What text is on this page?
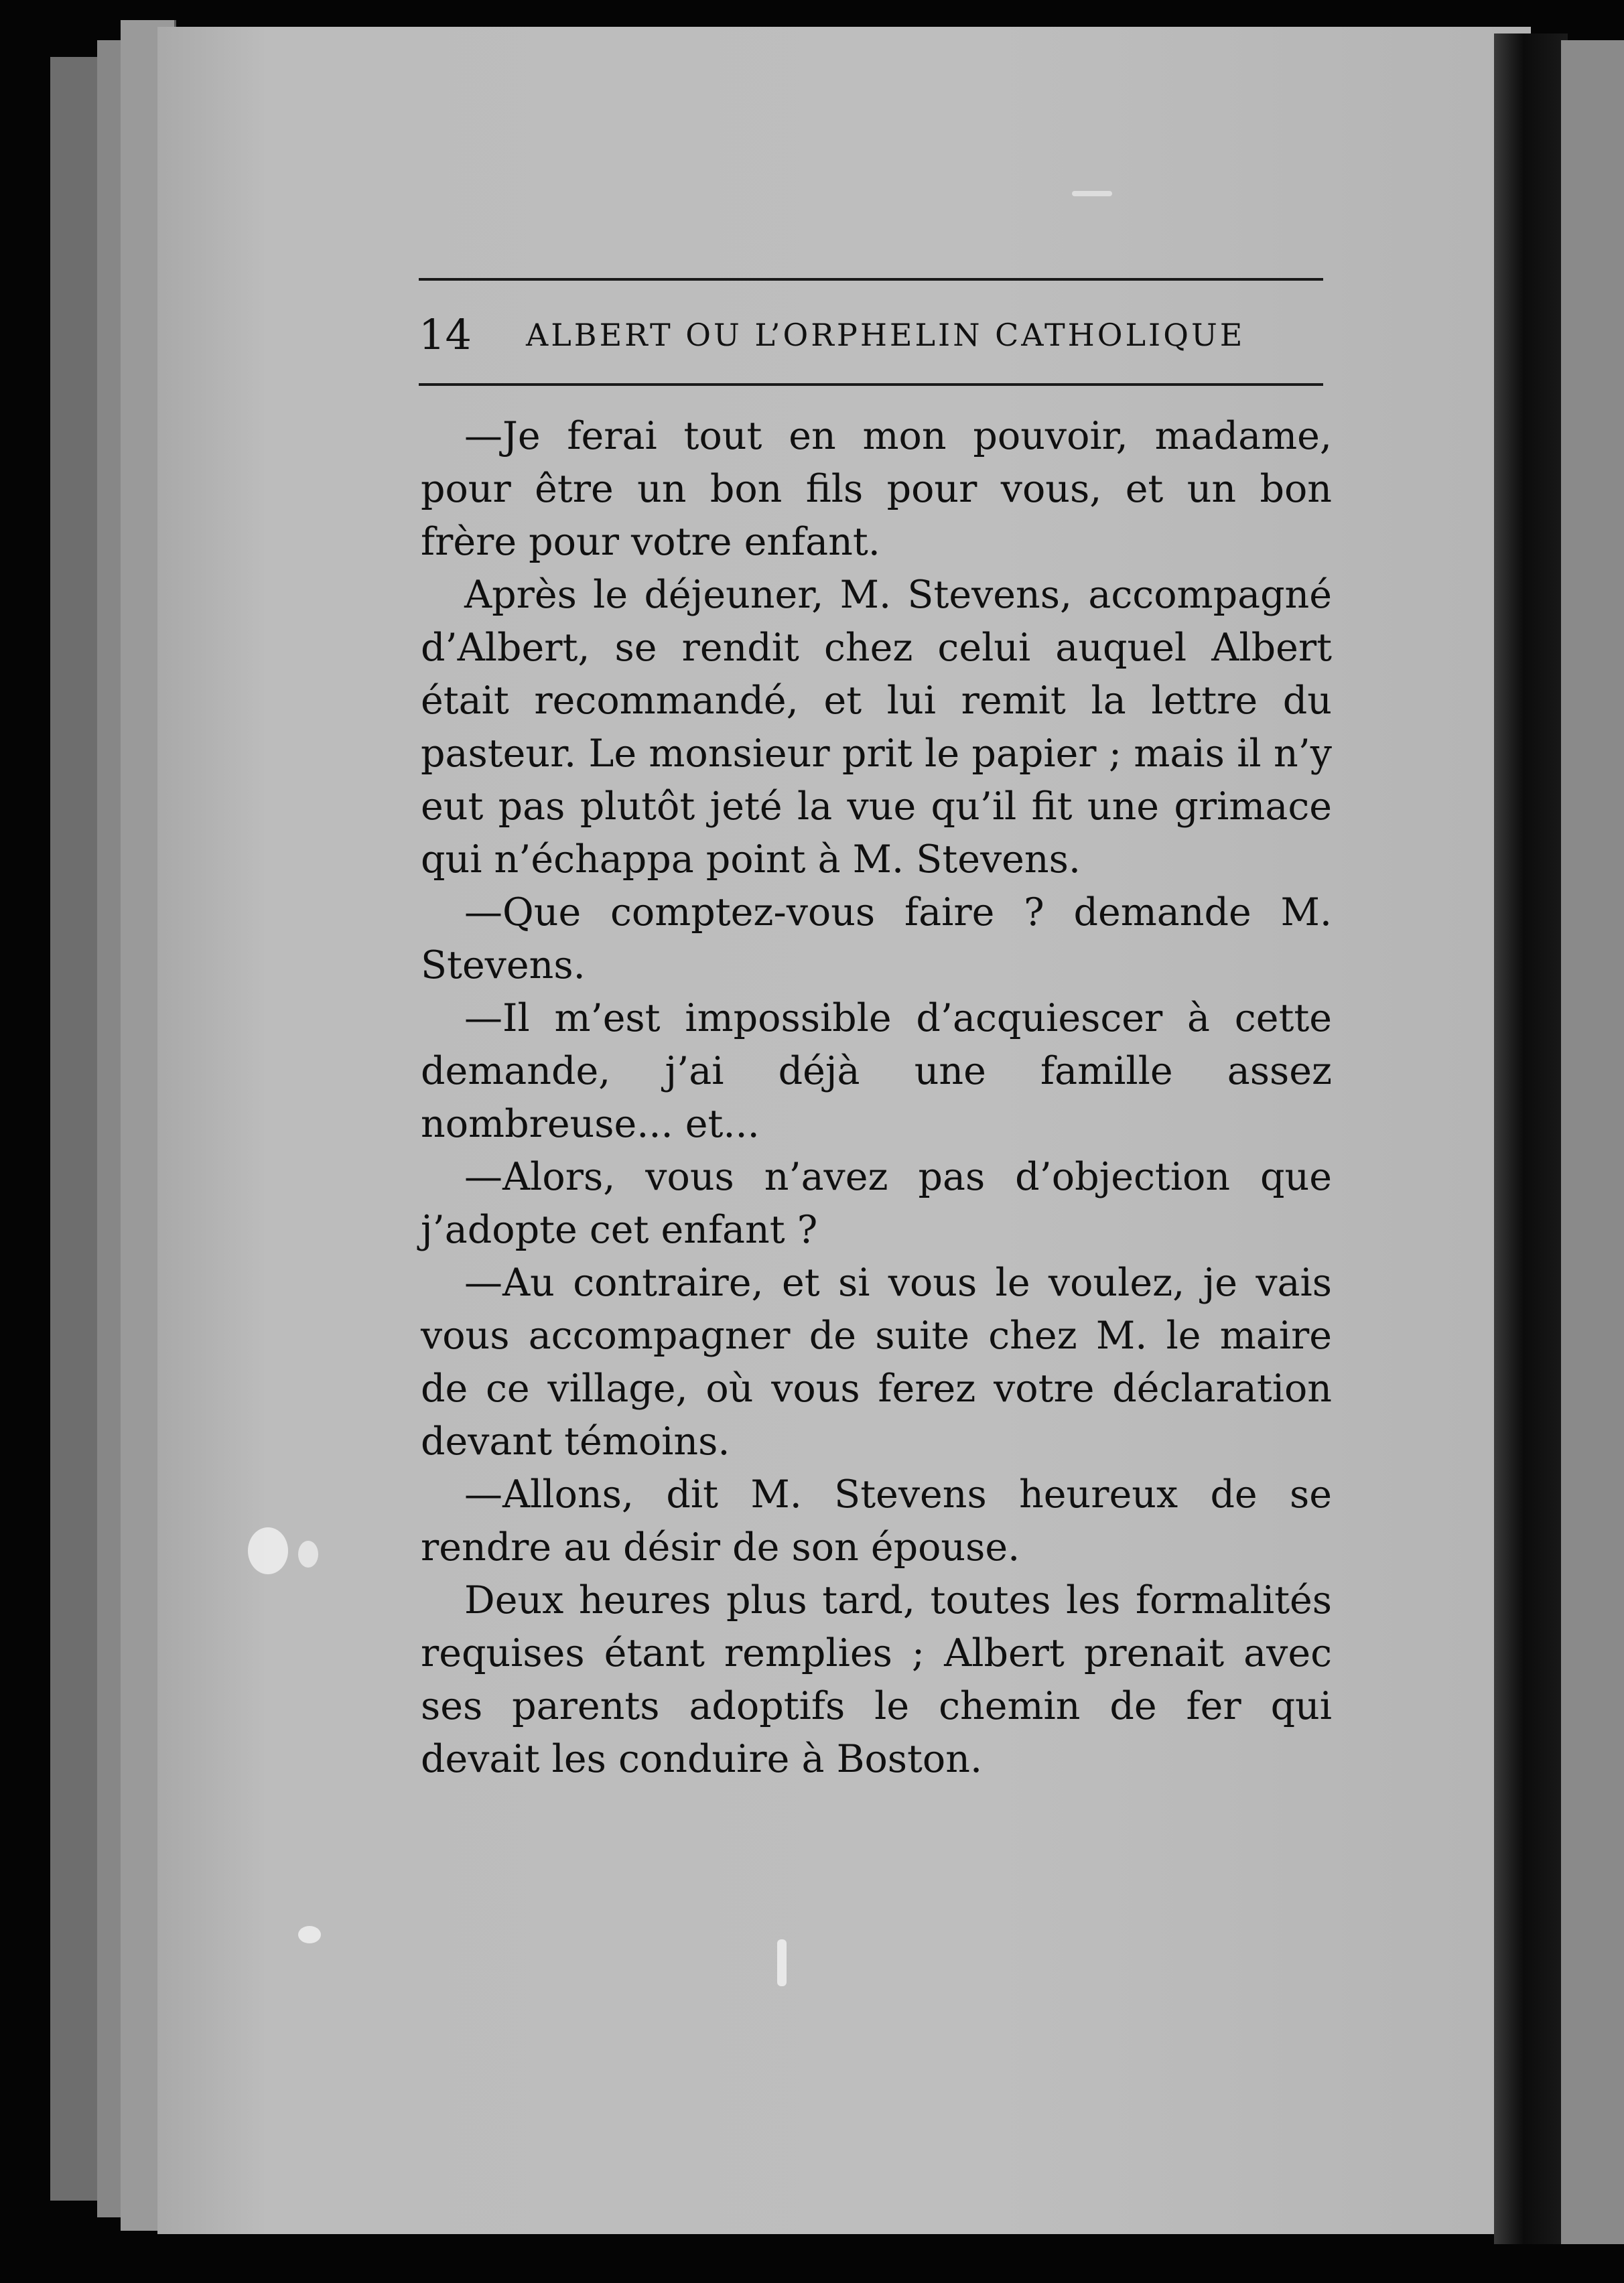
14 ALBERT OU L’ORPHELIN CATHOLIQUE

—Je ferai tout en mon pouvoir, madame, pour être un bon fils pour vous, et un bon frère pour votre enfant.

Après le déjeuner, M. Stevens, accompagné d’Albert, se rendit chez celui auquel Albert était recommandé, et lui remit la lettre du pasteur. Le monsieur prit le papier ; mais il n’y eut pas plutôt jeté la vue qu’il fit une grimace qui n’échappa point à M. Stevens.

—Que comptez-vous faire ? demande M. Stevens.

—Il m’est impossible d’acquiescer à cette demande, j’ai déjà une famille assez nombreuse... et...

—Alors, vous n’avez pas d’objection que j’adopte cet enfant ?

—Au contraire, et si vous le voulez, je vais vous accompagner de suite chez M. le maire de ce village, où vous ferez votre déclaration devant témoins.

—Allons, dit M. Stevens heureux de se rendre au désir de son épouse.

Deux heures plus tard, toutes les formalités requises étant remplies ; Albert prenait avec ses parents adoptifs le chemin de fer qui devait les conduire à Boston.
